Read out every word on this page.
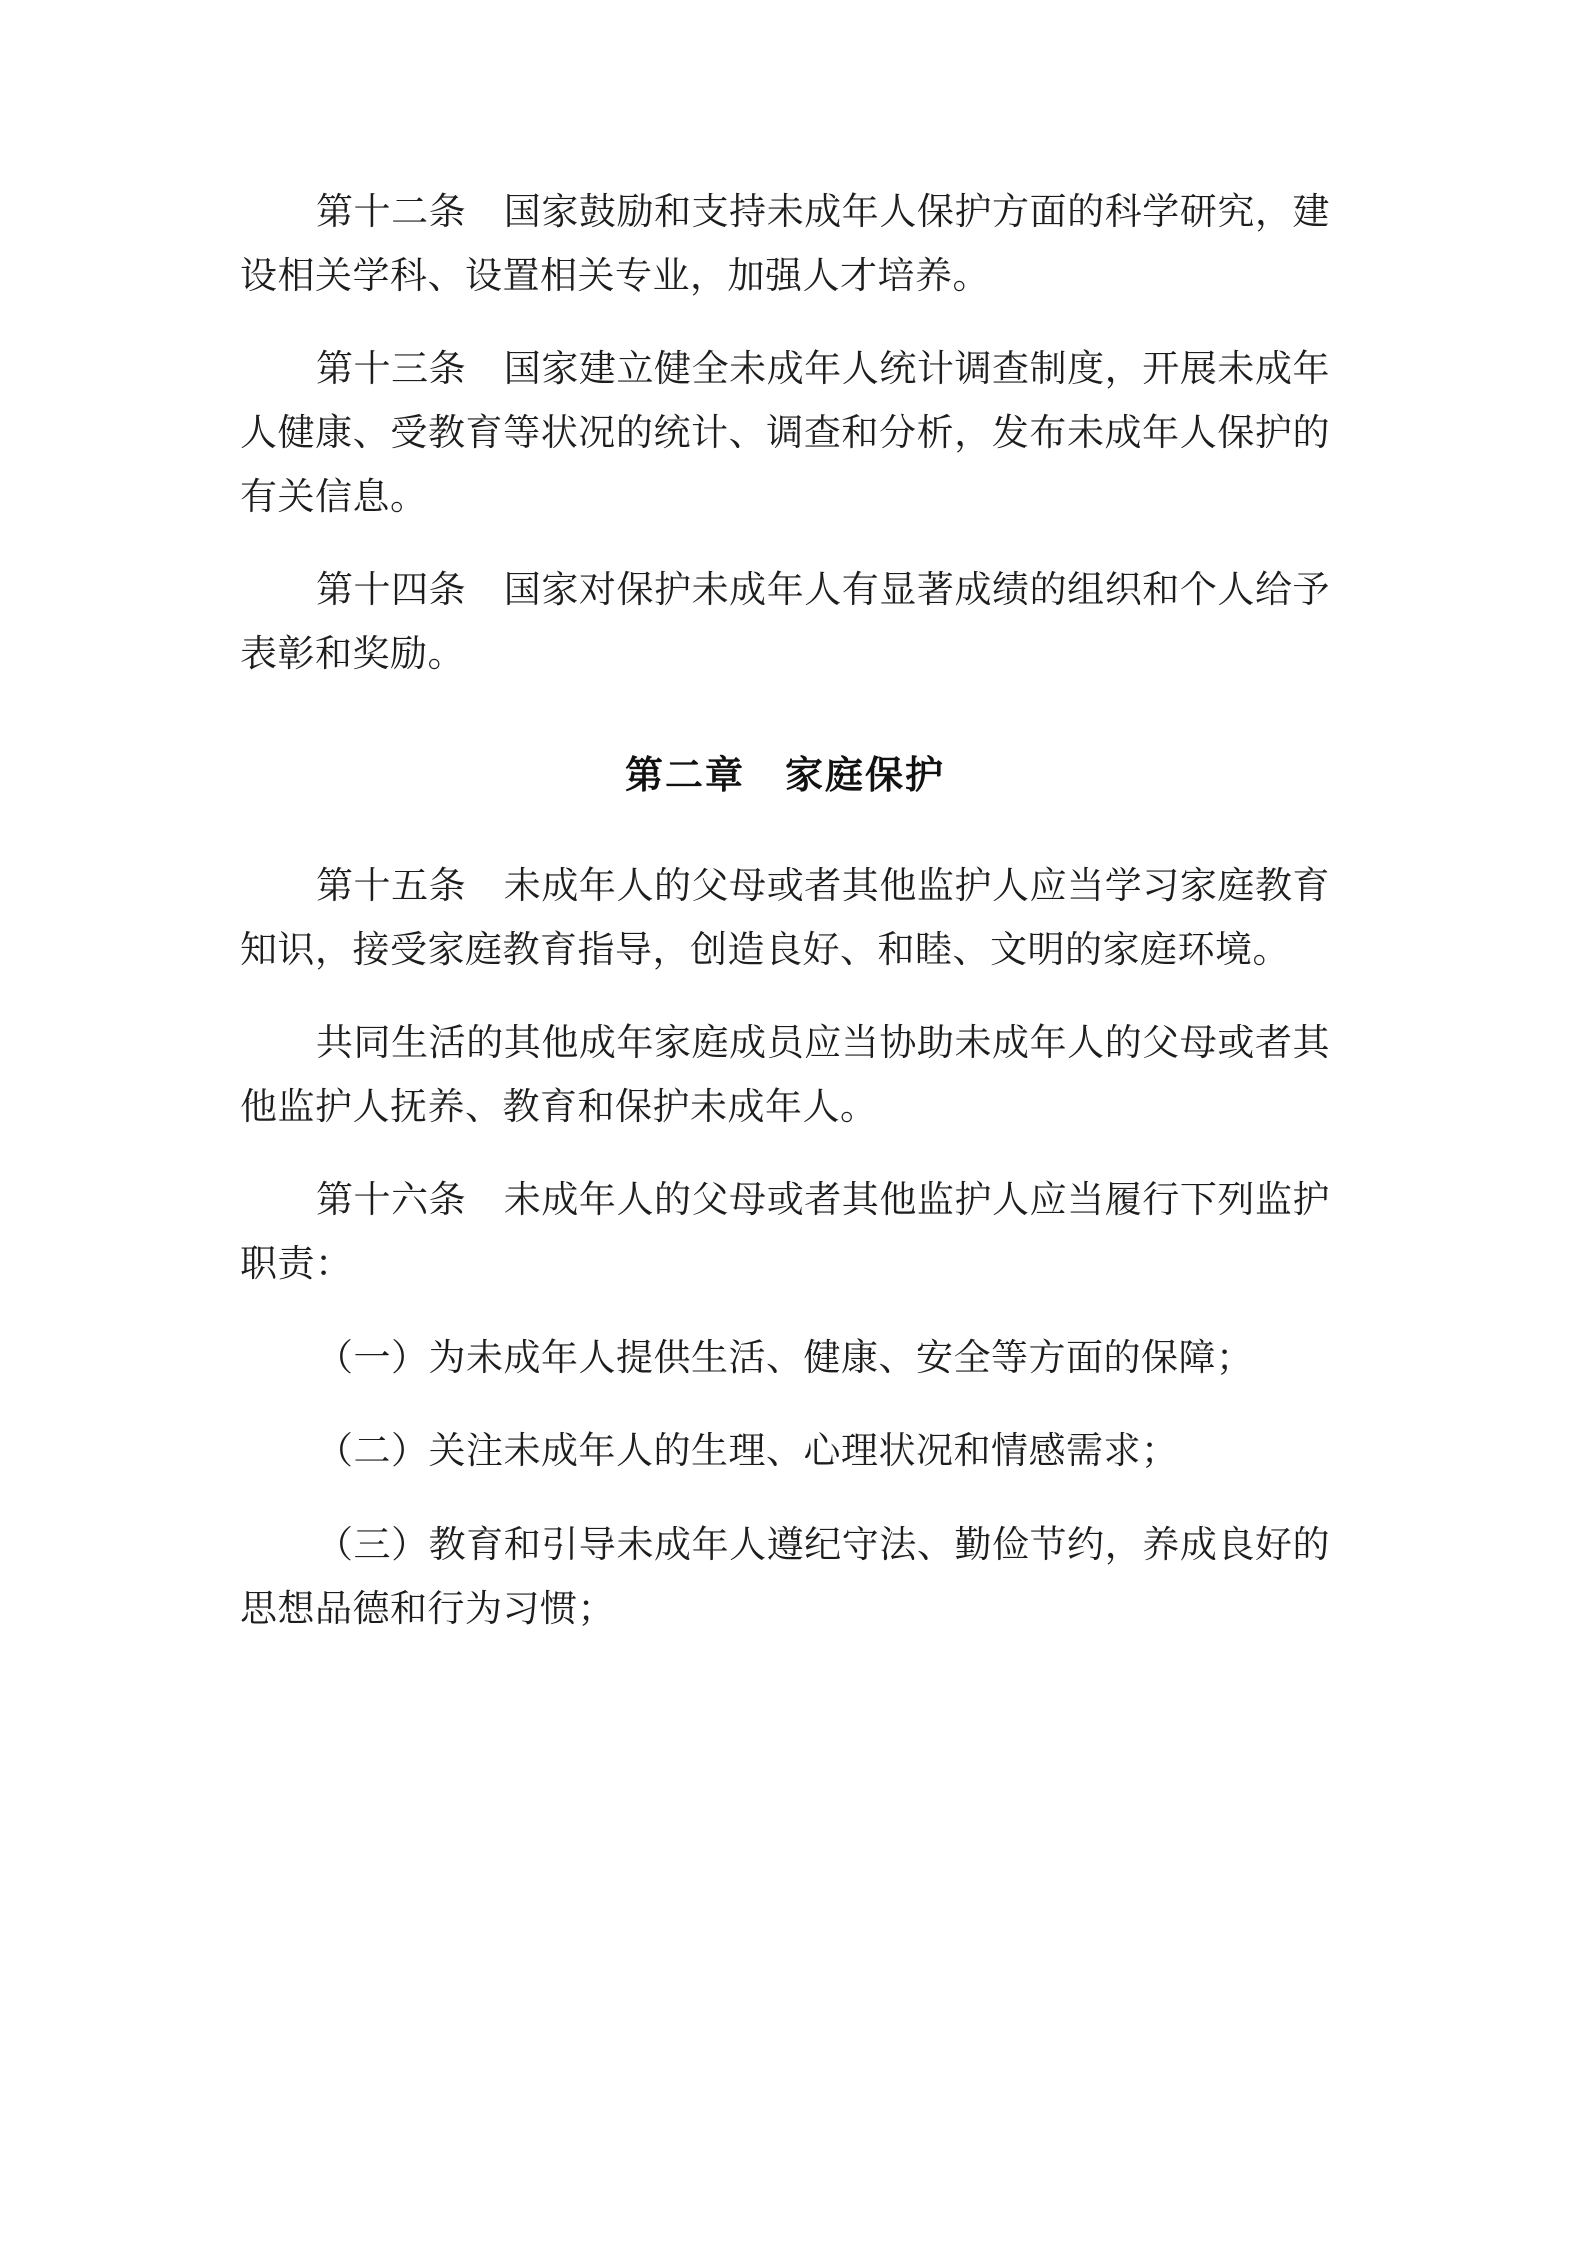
第十二条　国家鼓励和支持未成年人保护方面的科学研究，建设相关学科、设置相关专业，加强人才培养。

第十三条　国家建立健全未成年人统计调查制度，开展未成年人健康、受教育等状况的统计、调查和分析，发布未成年人保护的有关信息。

第十四条　国家对保护未成年人有显著成绩的组织和个人给予表彰和奖励。

第二章　家庭保护

第十五条　未成年人的父母或者其他监护人应当学习家庭教育知识，接受家庭教育指导，创造良好、和睦、文明的家庭环境。

共同生活的其他成年家庭成员应当协助未成年人的父母或者其他监护人抚养、教育和保护未成年人。

第十六条　未成年人的父母或者其他监护人应当履行下列监护职责：

（一）为未成年人提供生活、健康、安全等方面的保障；

（二）关注未成年人的生理、心理状况和情感需求；

（三）教育和引导未成年人遵纪守法、勤俭节约，养成良好的思想品德和行为习惯；
